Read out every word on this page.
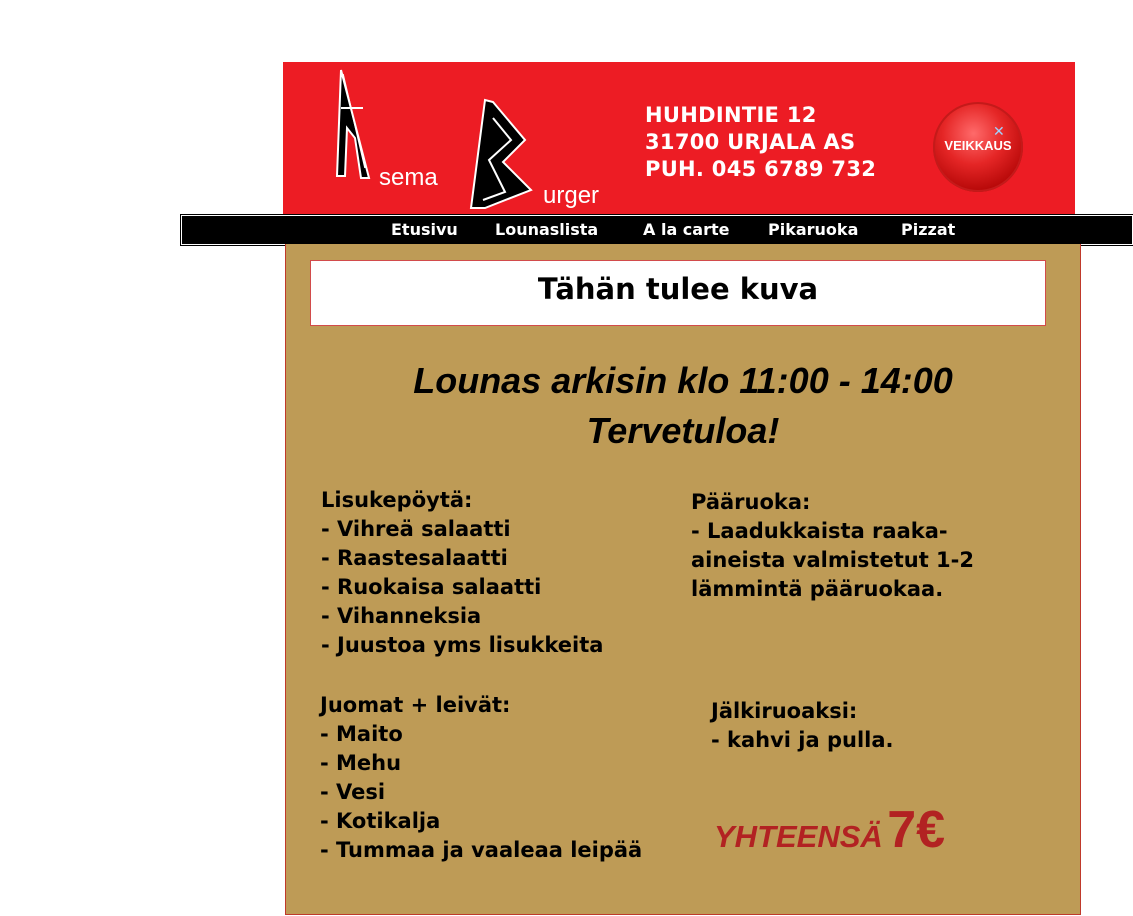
sema
urger
HUHDINTIE 12
31700 URJALA AS
PUH. 045 6789 732
✕
VEIKKAUS
Etusivu Lounaslista	A la carte Pikaruoka	Pizzat
Tähän tulee kuva
Lounas arkisin klo 11:00 - 14:00
Tervetuloa!
Lisukepöytä:
- Vihreä salaatti
- Raastesalaatti
- Ruokaisa salaatti
- Vihanneksia
- Juustoa yms lisukkeita
Pääruoka:
- Laadukkaista raaka-
aineista valmistetut 1-2
lämmintä pääruokaa.
Juomat + leivät:
- Maito
- Mehu
- Vesi
- Kotikalja
- Tummaa ja vaaleaa leipää
Jälkiruoaksi:
- kahvi ja pulla.
YHTEENSÄ 7€
